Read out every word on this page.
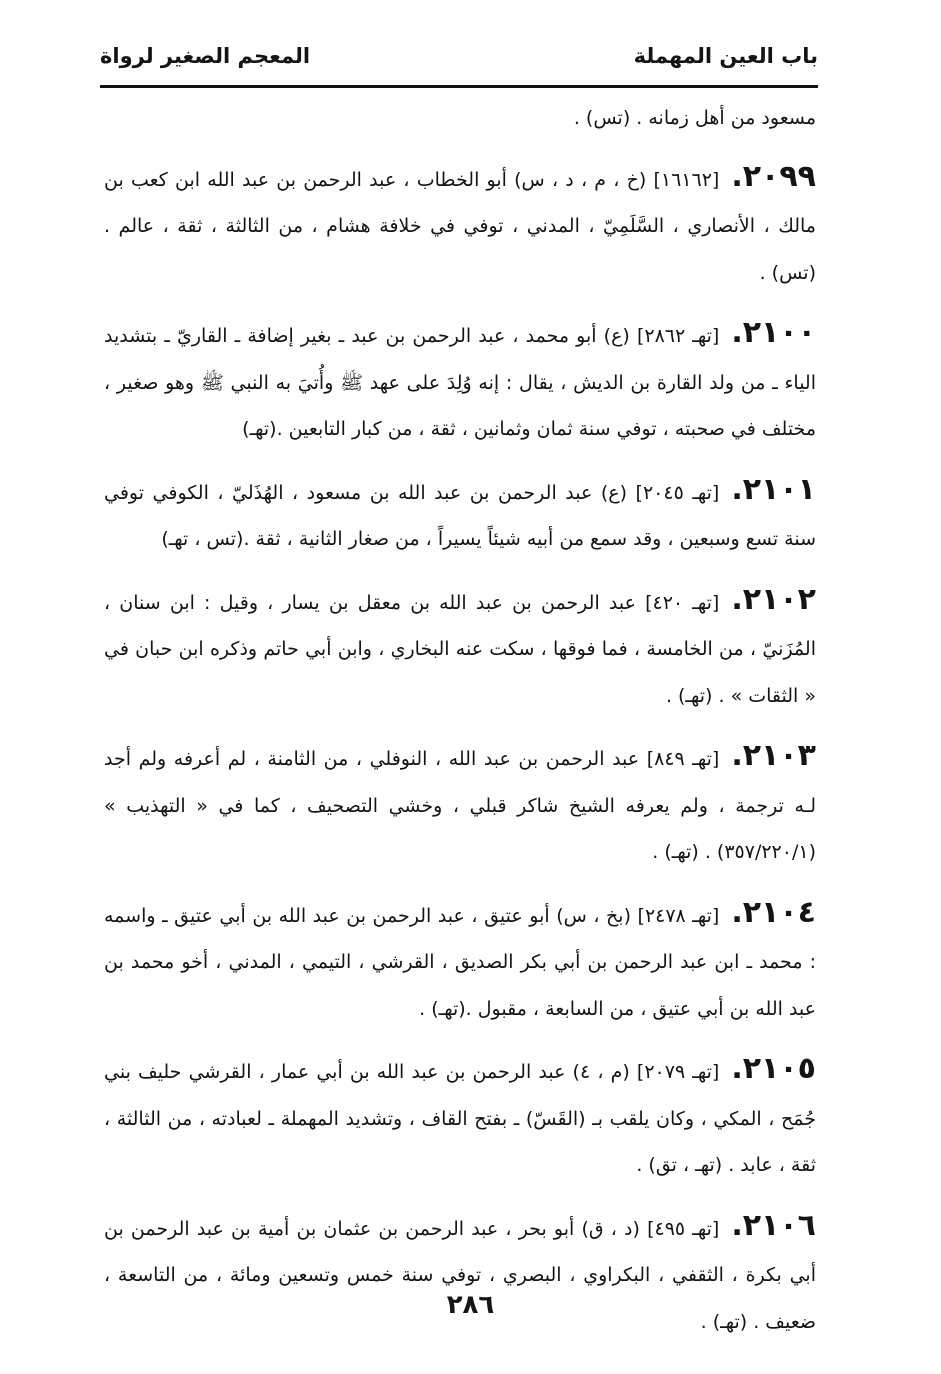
باب العين المهملة
المعجم الصغير لرواة

مسعود من أهل زمانه . (تس) .

٢٠٩٩.[١٦١٦٢] (خ ، م ، د ، س) أبو الخطاب ، عبد الرحمن بن عبد الله ابن كعب بن مالك ، الأنصاري ، السَّلَمِيّ ، المدني ، توفي في خلافة هشام ، من الثالثة ، ثقة ، عالم . (تس) .

٢١٠٠.[تهـ ٢٨٦٢] (ع) أبو محمد ، عبد الرحمن بن عبد ـ بغير إضافة ـ القاريّ ـ بتشديد الياء ـ من ولد القارة بن الديش ، يقال : إنه وُلِدَ على عهد ﷺ وأُتيَ به النبي ﷺ وهو صغير ، مختلف في صحبته ، توفي سنة ثمان وثمانين ، ثقة ، من كبار التابعين .(تهـ)

٢١٠١.[تهـ ٢٠٤٥] (ع) عبد الرحمن بن عبد الله بن مسعود ، الهُذَليّ ، الكوفي توفي سنة تسع وسبعين ، وقد سمع من أبيه شيئاً يسيراً ، من صغار الثانية ، ثقة .(تس ، تهـ)

٢١٠٢.[تهـ ٤٢٠] عبد الرحمن بن عبد الله بن معقل بن يسار ، وقيل : ابن سنان ، المُزَنيّ ، من الخامسة ، فما فوقها ، سكت عنه البخاري ، وابن أبي حاتم وذكره ابن حبان في « الثقات » . (تهـ) .

٢١٠٣.[تهـ ٨٤٩] عبد الرحمن بن عبد الله ، النوفلي ، من الثامنة ، لم أعرفه ولم أجد لـه ترجمة ، ولم يعرفه الشيخ شاكر قبلي ، وخشي التصحيف ، كما في « التهذيب » (٣٥٧/٢٢٠/١) . (تهـ) .

٢١٠٤.[تهـ ٢٤٧٨] (بخ ، س) أبو عتيق ، عبد الرحمن بن عبد الله بن أبي عتيق ـ واسمه : محمد ـ ابن عبد الرحمن بن أبي بكر الصديق ، القرشي ، التيمي ، المدني ، أخو محمد بن عبد الله بن أبي عتيق ، من السابعة ، مقبول .(تهـ) .

٢١٠٥.[تهـ ٢٠٧٩] (م ، ٤) عبد الرحمن بن عبد الله بن أبي عمار ، القرشي حليف بني جُمَح ، المكي ، وكان يلقب بـ (القَسّ) ـ بفتح القاف ، وتشديد المهملة ـ لعبادته ، من الثالثة ، ثقة ، عابد . (تهـ ، تق) .

٢١٠٦.[تهـ ٤٩٥] (د ، ق) أبو بحر ، عبد الرحمن بن عثمان بن أمية بن عبد الرحمن بن أبي بكرة ، الثقفي ، البكراوي ، البصري ، توفي سنة خمس وتسعين ومائة ، من التاسعة ، ضعيف . (تهـ) .

٢٨٦
